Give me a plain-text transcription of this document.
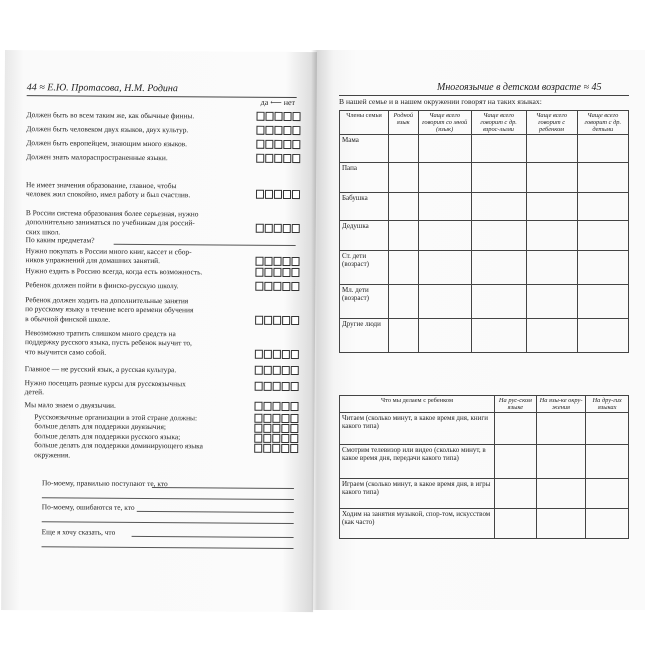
44 ≈ Е.Ю. Протасова, Н.М. Родина
да ⟵ нет
Должен быть во всем таким же, как обычные финны.
Должен быть человеком двух языков, двух культур.
Должен быть европейцем, знающим много языков.
Должен знать малораспространенные языки.
Не имеет значения образование, главное, чтобы
человек жил спокойно, имел работу и был счастлив.
В России система образования более серьезная, нужно
дополнительно заниматься по учебникам для россий-
ских школ.
По каким предметам?
Нужно покупать в России много книг, кассет и сбор-
ников упражнений для домашних занятий.
Нужно ездить в Россию всегда, когда есть возможность.
Ребенок должен пойти в финско-русскую школу.
Ребенок должен ходить на дополнительные занятия
по русскому языку в течение всего времени обучения
в обычной финской школе.
Невозможно тратить слишком много средств на
поддержку русского языка, пусть ребенок выучит то,
что выучится само собой.
Главное — не русский язык, а русская культура.
Нужно посещать разные курсы для русскоязычных
детей.
Мы мало знаем о двуязычии.
Русскоязычные организации в этой стране должны:
больше делать для поддержки двуязычия;
больше делать для поддержки русского языка;
больше делать для поддержки доминирующего языка
окружения.
По-моему, правильно поступают те, кто
По-моему, ошибаются те, кто
Еще я хочу сказать, что
Многоязычие в детском возрасте ≈ 45
В нашей семье и в нашем окружении говорят на таких языках:
Члены семьи	Родной язык	Чаще всего говорит со мной (язык)	Чаще всего говорит с др. взрос-лыми	Чаще всего говорит с ребенком	Чаще всего говорит с др. детьми
Мама					
Папа					
Бабушка					
Дедушка					
Ст. дети (возраст)					
Мл. дети (возраст)					
Другие люди					
Что мы делаем с ребенком	На рус-ском языке	На язы-ке окру-жения	На дру-гих языках
Читаем (сколько минут, в какое время дня, книги какого типа)			
Смотрим телевизор или видео (сколько минут, в какое время дня, передачи какого типа)			
Играем (сколько минут, в какое время дня, в игры какого типа)			
Ходим на занятия музыкой, спор-том, искусством (как часто)			
